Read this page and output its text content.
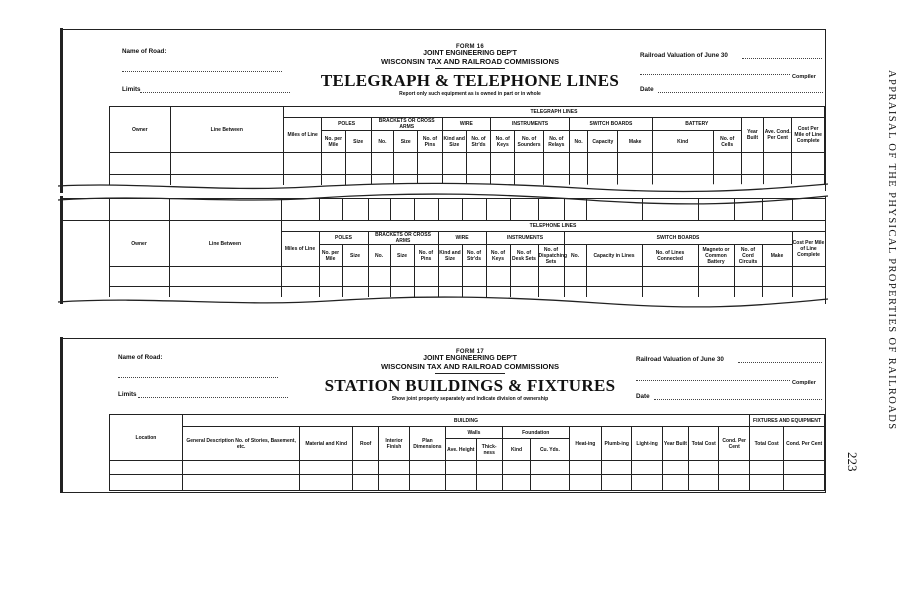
Name of Road:
Limits
FORM 16
JOINT ENGINEERING DEP'T
WISCONSIN TAX AND RAILROAD COMMISSIONS
TELEGRAPH & TELEPHONE LINES
Report only such equipment as is owned in part or in whole
Railroad Valuation of June 30
Compiler
Date
Owner	Line Between	TELEGRAPH LINES																		
		Miles of Line	POLES		BRACKETS OR CROSS ARMS			WIRE		INSTRUMENTS			SWITCH BOARDS			BATTERY		Year Built	Ave. Cond. Per Cent	Cost Per Mile of Line Complete
			No. per Mile	Size	No.	Size	No. of Pins	Kind and Size	No. of Str'ds	No. of Keys	No. of Sounders	No. of Relays	No.	Capacity	Make	Kind	No. of Cells			

	Owner	Line Between	TELEPHONE LINES																	
			Miles of Line	POLES		BRACKETS OR CROSS ARMS			WIRE		INSTRUMENTS			SWITCH BOARDS						Cost Per Mile of Line Complete
				No. per Mile	Size	No.	Size	No. of Pins	Kind and Size	No. of Str'ds	No. of Keys	No. of Desk Sets	No. of Dispatching Sets	No.	Capacity in Lines	No. of Lines Connected	Magneto or Common Battery	No. of Cord Circuits	Make	

Name of Road:
Limits
FORM 17
JOINT ENGINEERING DEP'T
WISCONSIN TAX AND RAILROAD COMMISSIONS
STATION BUILDINGS & FIXTURES
Show joint property separately and indicate division of ownership
Railroad Valuation of June 30
Compiler
Date
Location	BUILDING															FIXTURES AND EQUIPMENT	
	General Description No. of Stories, Basement, etc.	Material and Kind	Roof	Interior Finish	Plan Dimensions	Walls		Foundation		Heat-ing	Plumb-ing	Light-ing	Year Built	Total Cost	Cond. Per Cent	Total Cost	Cond. Per Cent

						Ave. Height	Thick-ness	Kind	Cu. Yds.								

APPRAISAL OF THE PHYSICAL PROPERTIES OF RAILROADS
223
